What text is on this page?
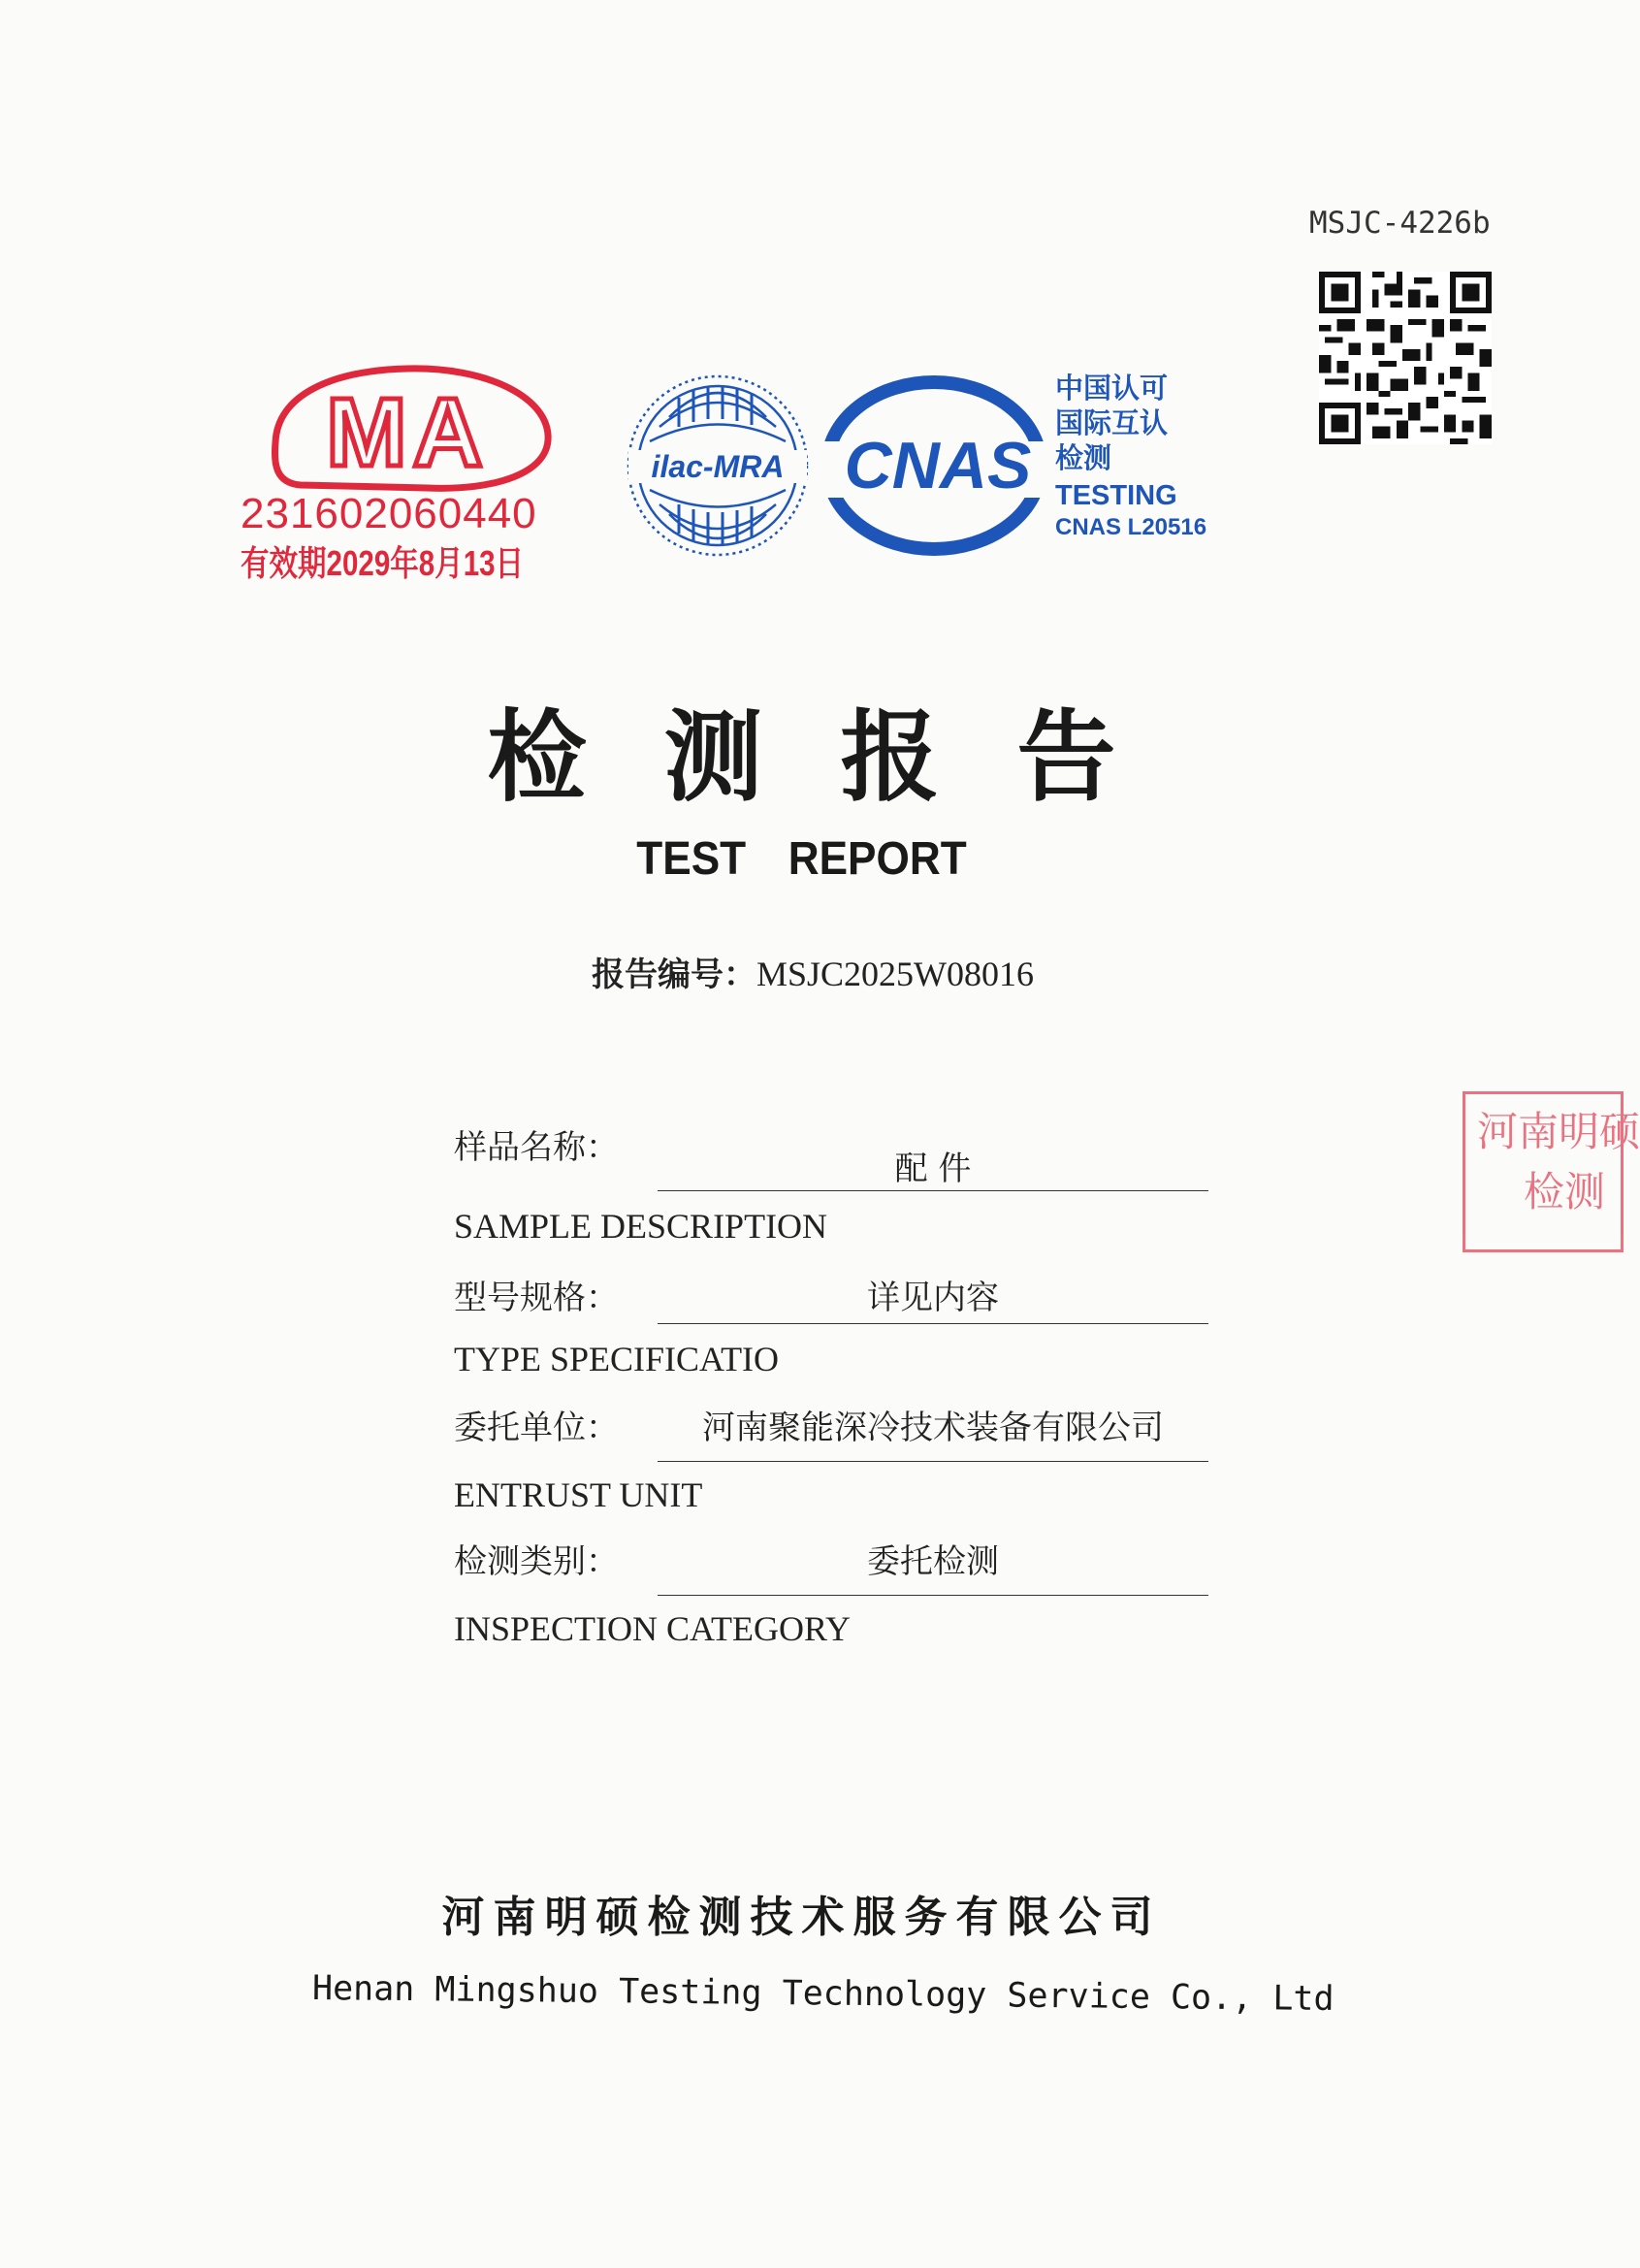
MSJC-4226b
MA
231602060440
有效期2029年8月13日
ilac-MRA CNAS
中国认可
国际互认
检测
TESTING
CNAS L20516
检测报告
TEST REPORT
报告编号：MSJC2025W08016
样品名称：
配 件
SAMPLE DESCRIPTION
型号规格：	详见内容
TYPE SPECIFICATIO
委托单位：	河南聚能深冷技术装备有限公司
ENTRUST UNIT
检测类别：	委托检测
INSPECTION CATEGORY
河南明硕检测技术服务有限公司
Henan Mingshuo Testing Technology Service Co., Ltd
河南明硕
检测
